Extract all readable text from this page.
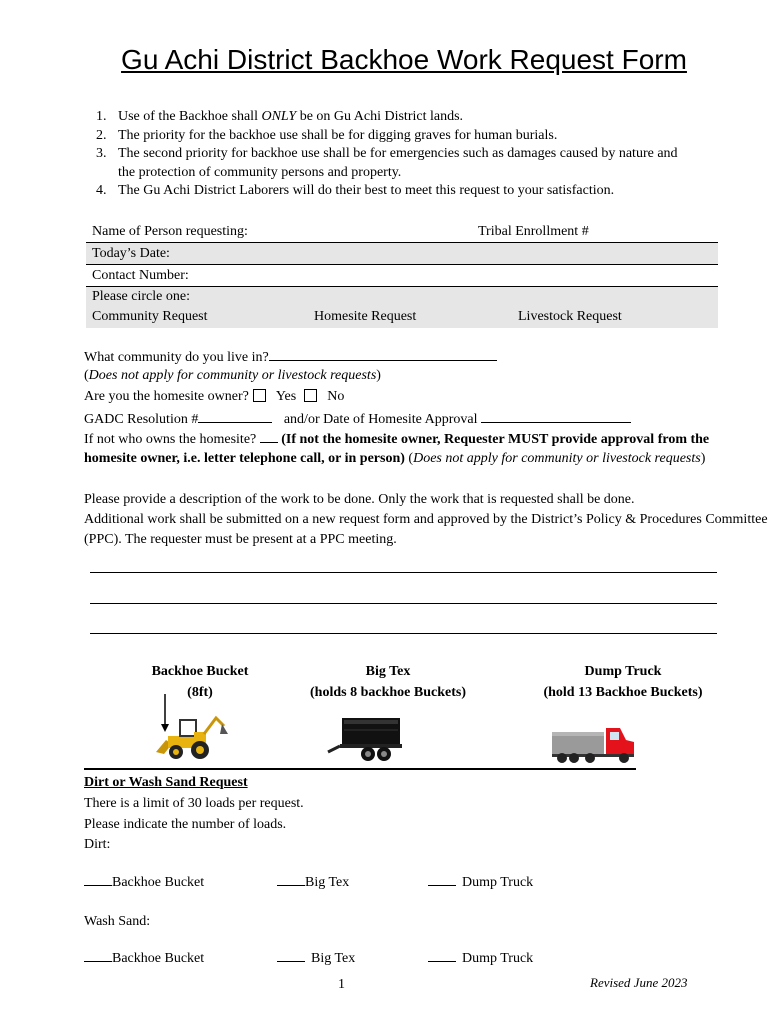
Gu Achi District Backhoe Work Request Form
1. Use of the Backhoe shall ONLY be on Gu Achi District lands.
2. The priority for the backhoe use shall be for digging graves for human burials.
3. The second priority for backhoe use shall be for emergencies such as damages caused by nature and
the protection of community persons and property.
4. The Gu Achi District Laborers will do their best to meet this request to your satisfaction.
Name of Person requesting:	Tribal Enrollment #
Today’s Date:
Contact Number:
Please circle one:
Community Request	Homesite Request	Livestock Request
What community do you live in?
(Does not apply for community or livestock requests)
Are you the homesite owner? Yes No
GADC Resolution #	and/or Date of Homesite Approval
If not who owns the homesite? (If not the homesite owner, Requester MUST provide approval from the
homesite owner, i.e. letter telephone call, or in person) (Does not apply for community or livestock requests)
Please provide a description of the work to be done. Only the work that is requested shall be done.
Additional work shall be submitted on a new request form and approved by the District’s Policy & Procedures Committee
(PPC). The requester must be present at a PPC meeting.
Backhoe Bucket
(8ft)
Big Tex
(holds 8 backhoe Buckets)
Dump Truck
(hold 13 Backhoe Buckets)
Dirt or Wash Sand Request
There is a limit of 30 loads per request.
Please indicate the number of loads.
Dirt:
Backhoe Bucket	Big Tex	Dump Truck
Wash Sand:
Backhoe Bucket	Big Tex	Dump Truck
1	Revised June 2023
